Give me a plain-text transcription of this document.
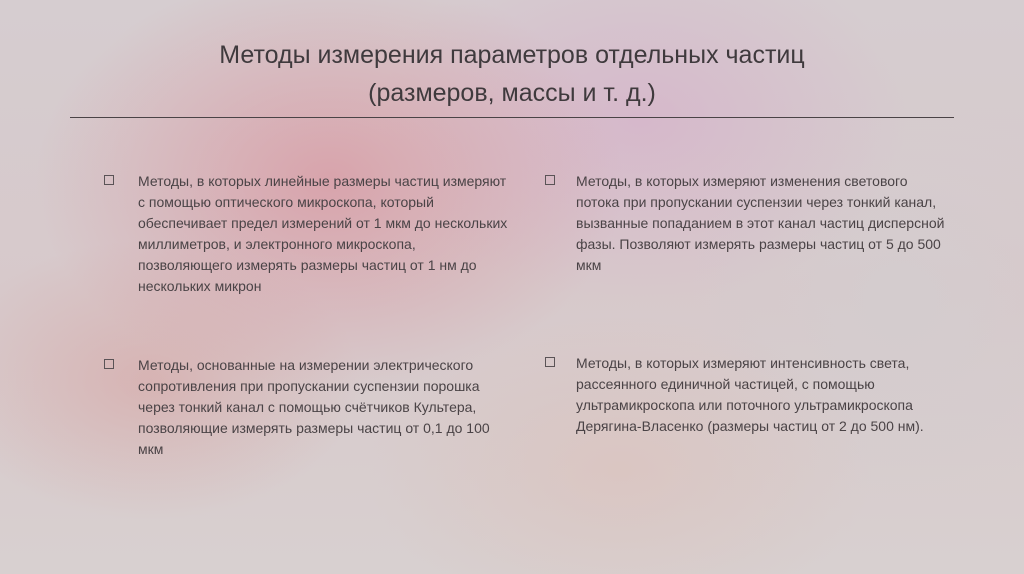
Методы измерения параметров отдельных частиц
(размеров, массы и т. д.)
Методы, в которых линейные размеры частиц измеряют с помощью оптического микроскопа, который обеспечивает предел измерений от 1 мкм до нескольких миллиметров, и электронного микроскопа, позволяющего измерять размеры частиц от 1 нм до нескольких микрон
Методы, основанные на измерении электрического сопротивления при пропускании суспензии порошка через тонкий канал с помощью счётчиков Культера, позволяющие измерять размеры частиц от 0,1 до 100 мкм
Методы, в которых измеряют изменения светового потока при пропускании суспензии через тонкий канал, вызванные попаданием в этот канал частиц дисперсной фазы. Позволяют измерять размеры частиц от 5 до 500 мкм
Методы, в которых измеряют интенсивность света, рассеянного единичной частицей, с помощью ультрамикроскопа или поточного ультрамикроскопа Дерягина-Власенко (размеры частиц от 2 до 500 нм).
